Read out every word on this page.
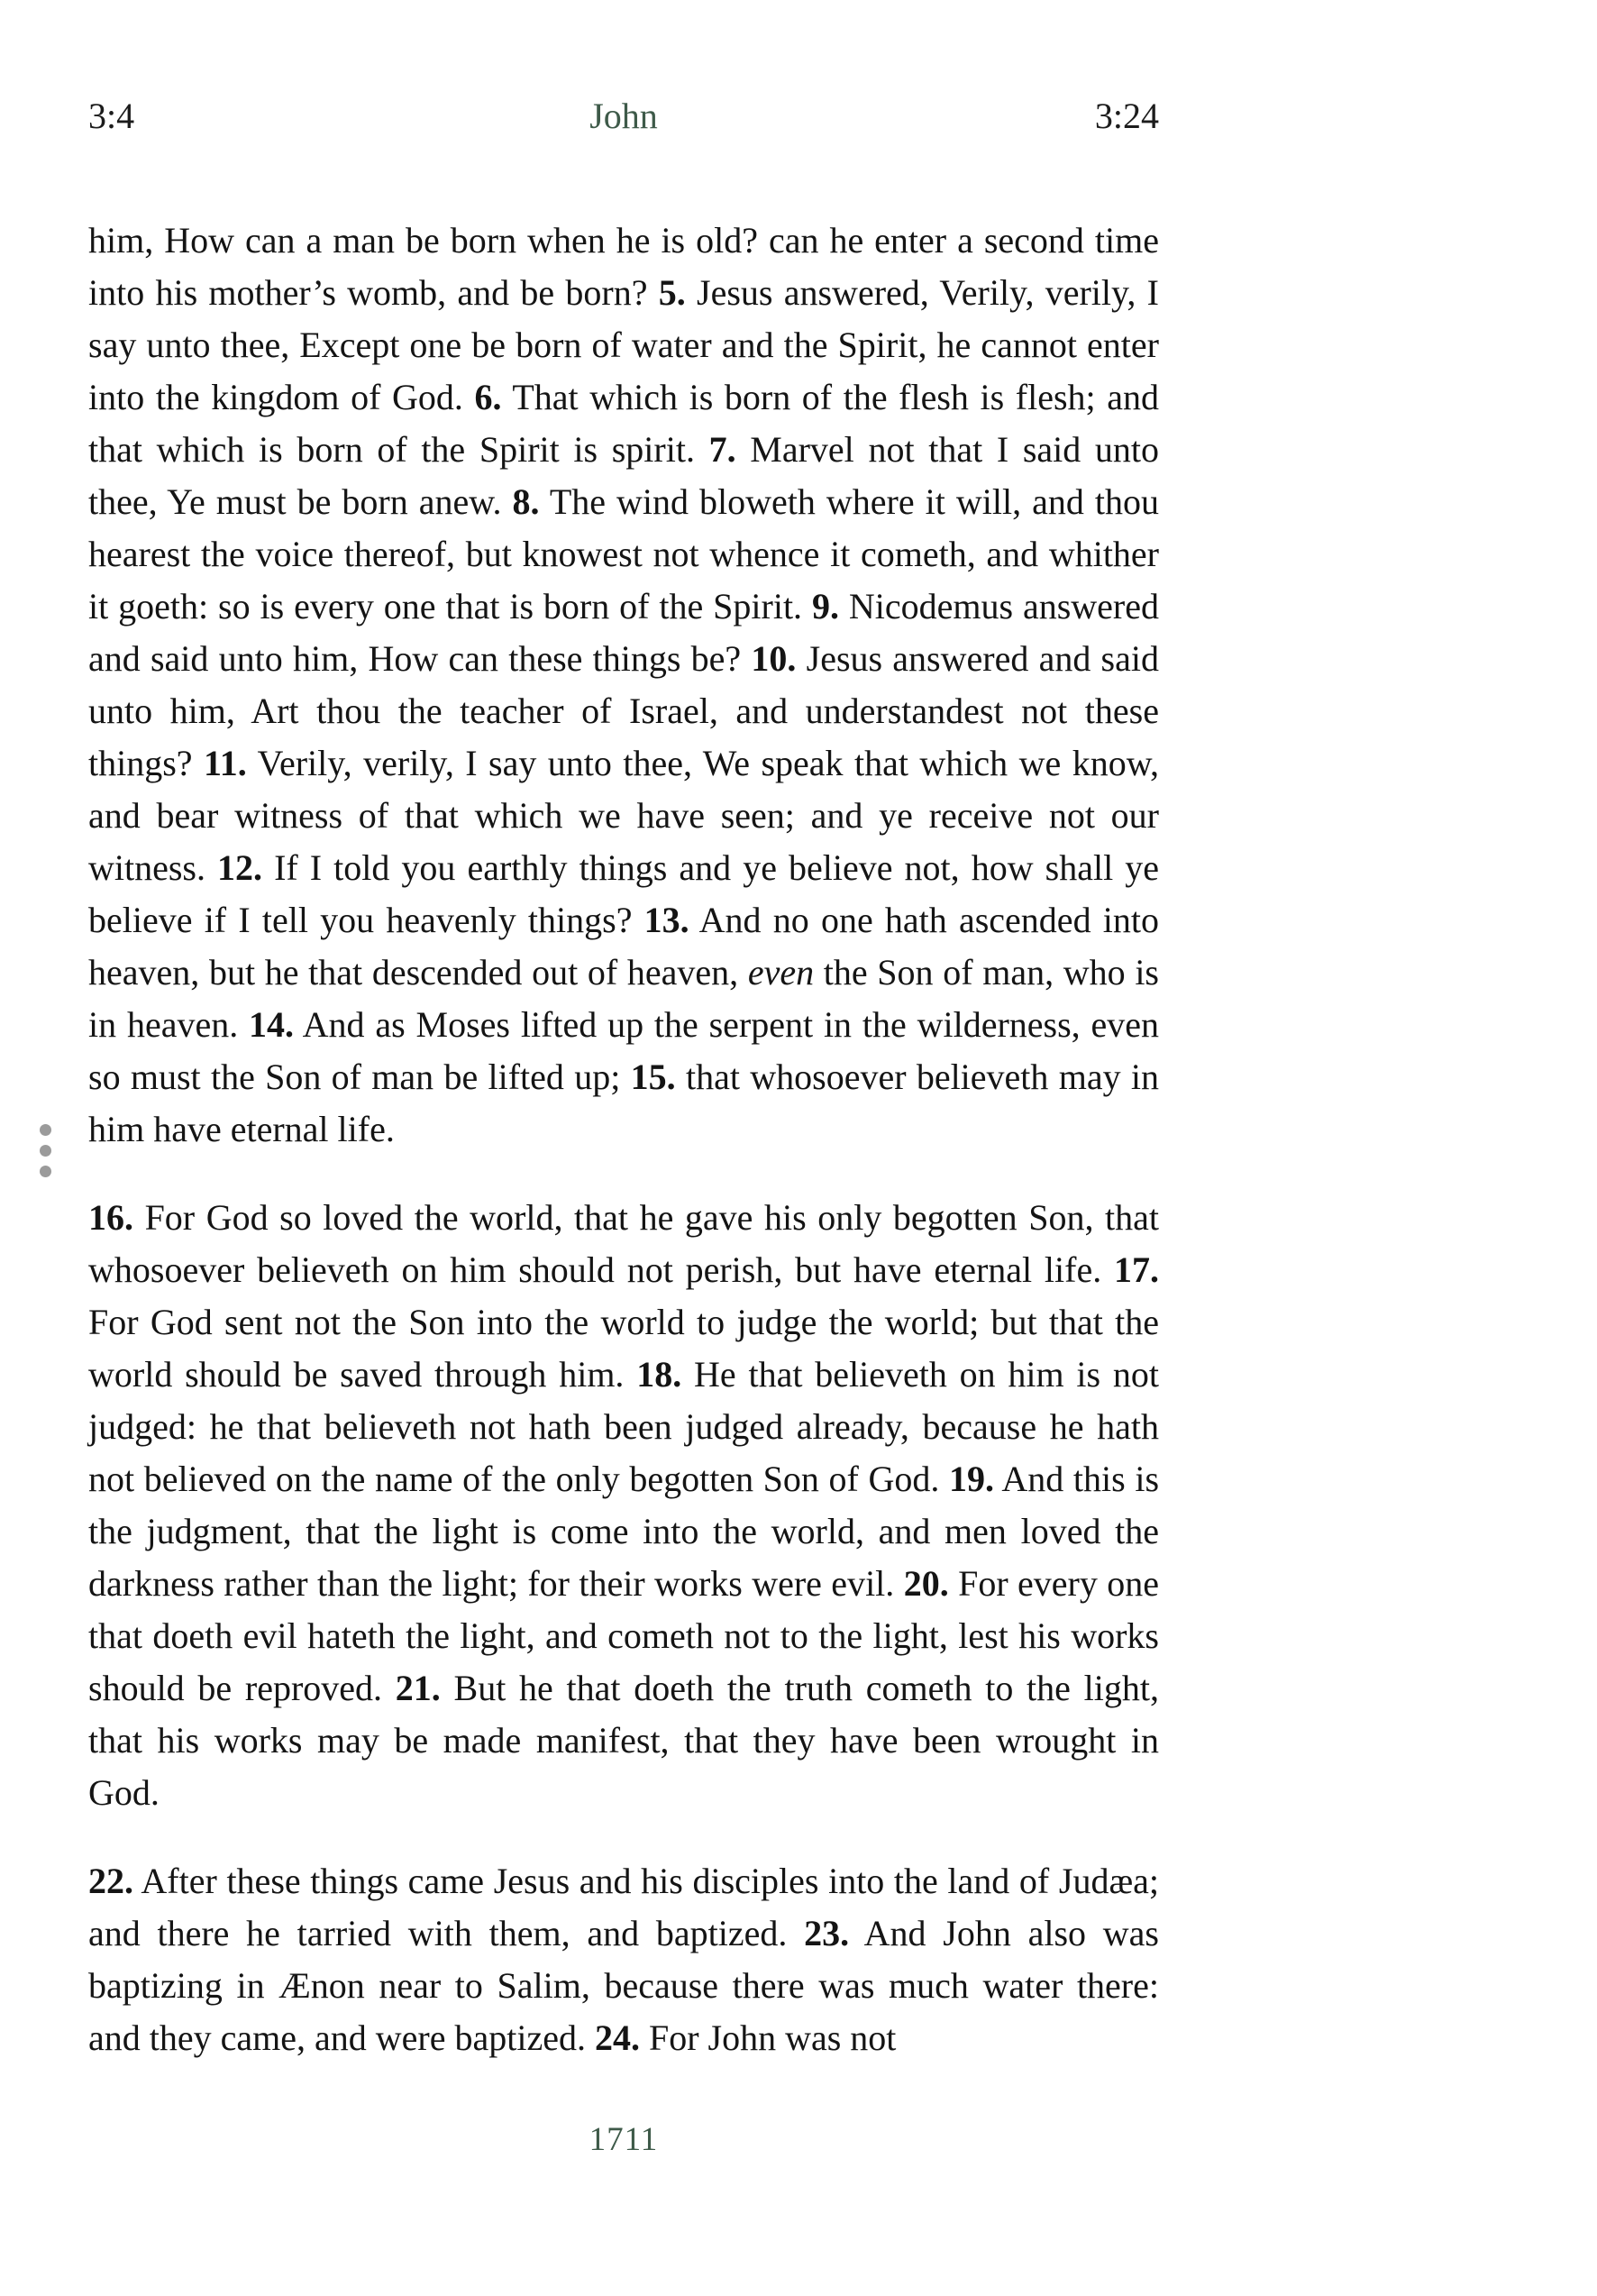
3:4	John	3:24

him, How can a man be born when he is old? can he enter a second time into his mother’s womb, and be born? 5. Jesus answered, Verily, verily, I say unto thee, Except one be born of water and the Spirit, he cannot enter into the kingdom of God. 6. That which is born of the flesh is flesh; and that which is born of the Spirit is spirit. 7. Marvel not that I said unto thee, Ye must be born anew. 8. The wind bloweth where it will, and thou hearest the voice thereof, but knowest not whence it cometh, and whither it goeth: so is every one that is born of the Spirit. 9. Nicodemus answered and said unto him, How can these things be? 10. Jesus answered and said unto him, Art thou the teacher of Israel, and understandest not these things? 11. Verily, verily, I say unto thee, We speak that which we know, and bear witness of that which we have seen; and ye receive not our witness. 12. If I told you earthly things and ye believe not, how shall ye believe if I tell you heavenly things? 13. And no one hath ascended into heaven, but he that descended out of heaven, even the Son of man, who is in heaven. 14. And as Moses lifted up the serpent in the wilderness, even so must the Son of man be lifted up; 15. that whosoever believeth may in him have eternal life.

16. For God so loved the world, that he gave his only begotten Son, that whosoever believeth on him should not perish, but have eternal life. 17. For God sent not the Son into the world to judge the world; but that the world should be saved through him. 18. He that believeth on him is not judged: he that believeth not hath been judged already, because he hath not believed on the name of the only begotten Son of God. 19. And this is the judgment, that the light is come into the world, and men loved the darkness rather than the light; for their works were evil. 20. For every one that doeth evil hateth the light, and cometh not to the light, lest his works should be reproved. 21. But he that doeth the truth cometh to the light, that his works may be made manifest, that they have been wrought in God.

22. After these things came Jesus and his disciples into the land of Judæa; and there he tarried with them, and baptized. 23. And John also was baptizing in Ænon near to Salim, because there was much water there: and they came, and were baptized. 24. For John was not

1711
